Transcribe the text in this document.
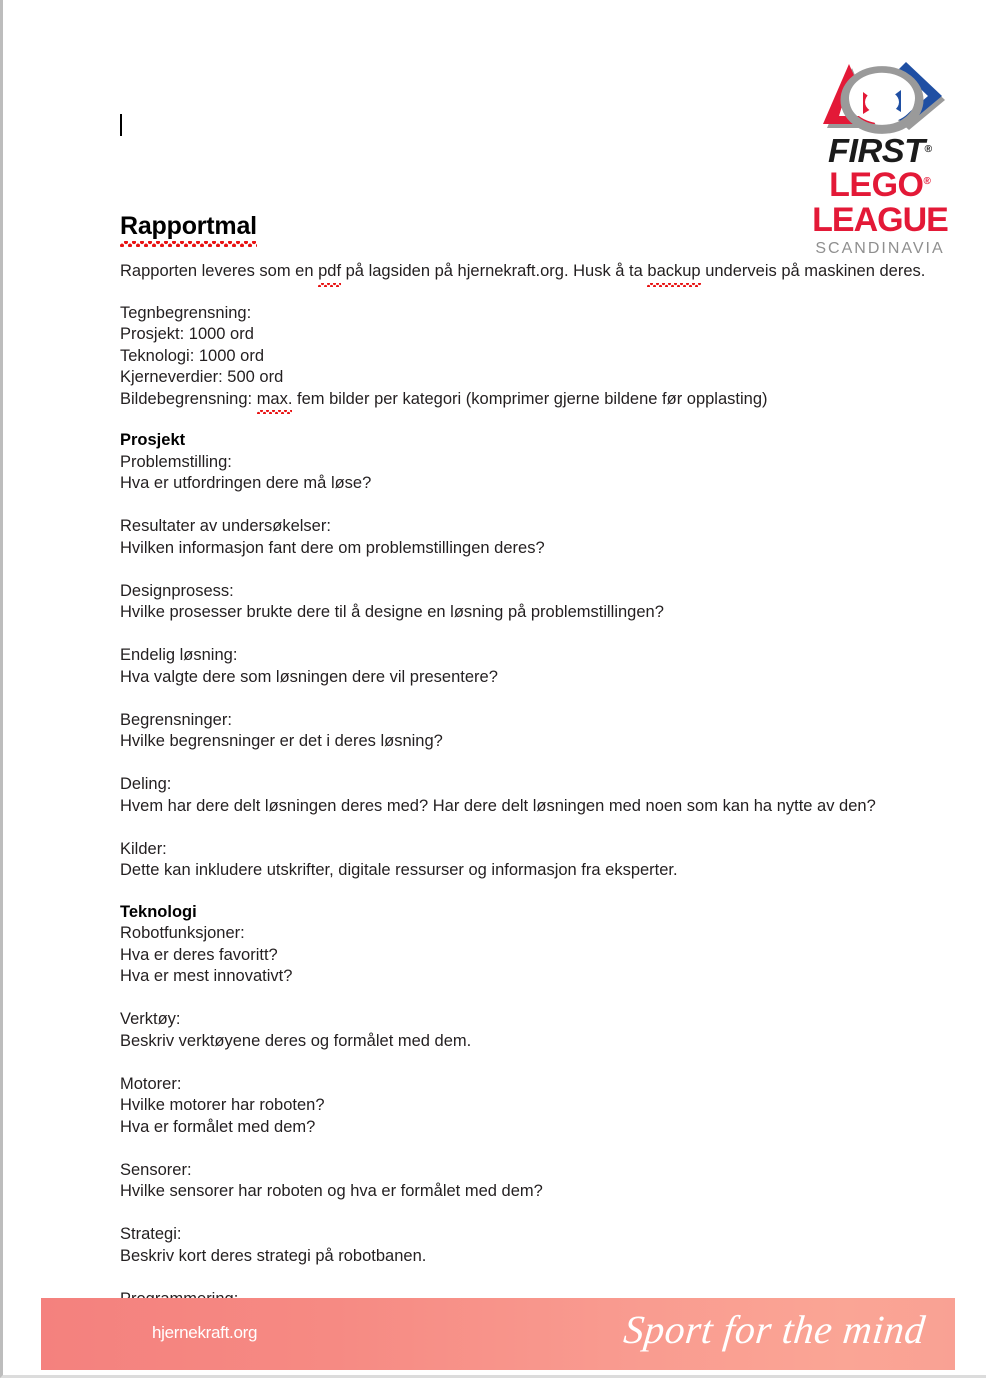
FIRST®
LEGO®
LEAGUE
SCANDINAVIA
Rapportmal
Rapporten leveres som en pdf på lagsiden på hjernekraft.org. Husk å ta backup underveis på maskinen deres.
Tegnbegrensning:
Prosjekt: 1000 ord
Teknologi: 1000 ord
Kjerneverdier: 500 ord
Bildebegrensning: max. fem bilder per kategori (komprimer gjerne bildene før opplasting)
Prosjekt
Problemstilling:
Hva er utfordringen dere må løse?
Resultater av undersøkelser:
Hvilken informasjon fant dere om problemstillingen deres?
Designprosess:
Hvilke prosesser brukte dere til å designe en løsning på problemstillingen?
Endelig løsning:
Hva valgte dere som løsningen dere vil presentere?
Begrensninger:
Hvilke begrensninger er det i deres løsning?
Deling:
Hvem har dere delt løsningen deres med? Har dere delt løsningen med noen som kan ha nytte av den?
Kilder:
Dette kan inkludere utskrifter, digitale ressurser og informasjon fra eksperter.
Teknologi
Robotfunksjoner:
Hva er deres favoritt?
Hva er mest innovativt?
Verktøy:
Beskriv verktøyene deres og formålet med dem.
Motorer:
Hvilke motorer har roboten?
Hva er formålet med dem?
Sensorer:
Hvilke sensorer har roboten og hva er formålet med dem?
Strategi:
Beskriv kort deres strategi på robotbanen.
hjernekraft.org	Sport for the mind
